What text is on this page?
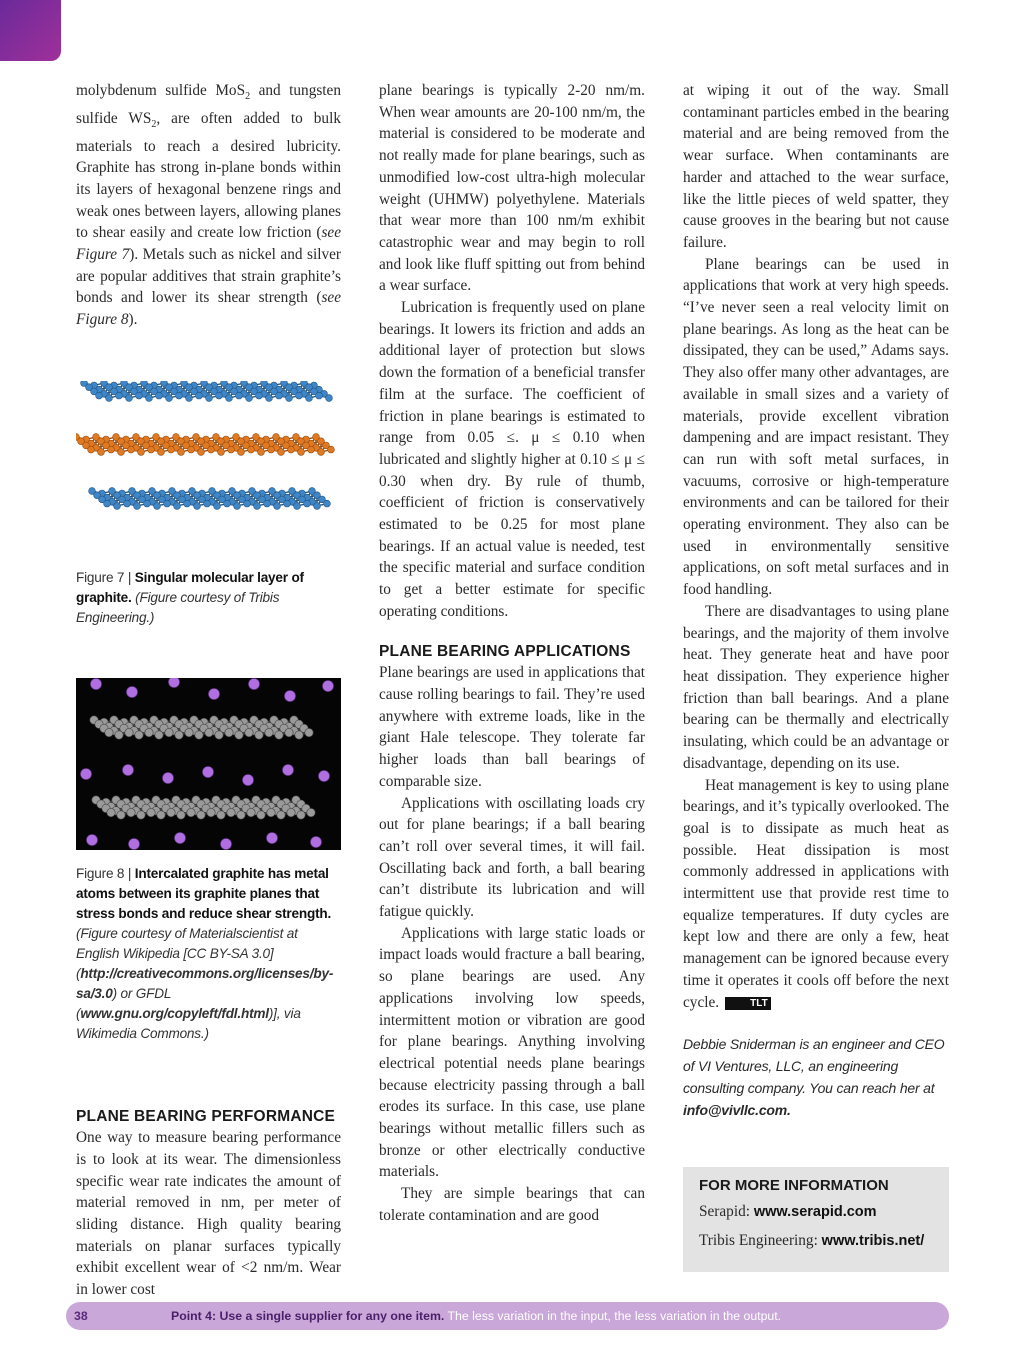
molybdenum sulfide MoS$_2$ and tungsten sulfide $WS_2$, are often added to bulk materials to reach a desired lubricity. Graphite has strong in-plane bonds within its layers of hexagonal benzene rings and weak ones between layers, allowing planes to shear easily and create low friction (see Figure 7). Metals such as nickel and silver are popular additives that strain graphite’s bonds and lower its shear strength (see Figure 8).

Figure 7 | Singular molecular layer of graphite. (Figure courtesy of Tribis Engineering.)

Figure 8 | Intercalated graphite has metal atoms between its graphite planes that stress bonds and reduce shear strength. (Figure courtesy of Materialscientist at English Wikipedia [CC BY-SA 3.0] (http://creativecommons.org/licenses/by-sa/3.0) or GFDL (www.gnu.org/copyleft/fdl.html)], via Wikimedia Commons.)

PLANE BEARING PERFORMANCE

One way to measure bearing performance is to look at its wear. The dimensionless specific wear rate indicates the amount of material removed in nm, per meter of sliding distance. High quality bearing materials on planar surfaces typically exhibit excellent wear of <2 nm/m. Wear in lower cost

plane bearings is typically 2-20 nm/m. When wear amounts are 20-100 nm/m, the material is considered to be moderate and not really made for plane bearings, such as unmodified low-cost ultra-high molecular weight (UHMW) polyethylene. Materials that wear more than 100 nm/m exhibit catastrophic wear and may begin to roll and look like fluff spitting out from behind a wear surface.

Lubrication is frequently used on plane bearings. It lowers its friction and adds an additional layer of protection but slows down the formation of a beneficial transfer film at the surface. The coefficient of friction in plane bearings is estimated to range from 0.05 ≤. μ ≤ 0.10 when lubricated and slightly higher at 0.10 ≤ μ ≤ 0.30 when dry. By rule of thumb, coefficient of friction is conservatively estimated to be 0.25 for most plane bearings. If an actual value is needed, test the specific material and surface condition to get a better estimate for specific operating conditions.

PLANE BEARING APPLICATIONS

Plane bearings are used in applications that cause rolling bearings to fail. They’re used anywhere with extreme loads, like in the giant Hale telescope. They tolerate far higher loads than ball bearings of comparable size.

Applications with oscillating loads cry out for plane bearings; if a ball bearing can’t roll over several times, it will fail. Oscillating back and forth, a ball bearing can’t distribute its lubrication and will fatigue quickly.

Applications with large static loads or impact loads would fracture a ball bearing, so plane bearings are used. Any applications involving low speeds, intermittent motion or vibration are good for plane bearings. Anything involving electrical potential needs plane bearings because electricity passing through a ball erodes its surface. In this case, use plane bearings without metallic fillers such as bronze or other electrically conductive materials.

They are simple bearings that can tolerate contamination and are good

at wiping it out of the way. Small contaminant particles embed in the bearing material and are being removed from the wear surface. When contaminants are harder and attached to the wear surface, like the little pieces of weld spatter, they cause grooves in the bearing but not cause failure.

Plane bearings can be used in applications that work at very high speeds. “I’ve never seen a real velocity limit on plane bearings. As long as the heat can be dissipated, they can be used,” Adams says. They also offer many other advantages, are available in small sizes and a variety of materials, provide excellent vibration dampening and are impact resistant. They can run with soft metal surfaces, in vacuums, corrosive or high-temperature environments and can be tailored for their operating environment. They also can be used in environmentally sensitive applications, on soft metal surfaces and in food handling.

There are disadvantages to using plane bearings, and the majority of them involve heat. They generate heat and have poor heat dissipation. They experience higher friction than ball bearings. And a plane bearing can be thermally and electrically insulating, which could be an advantage or disadvantage, depending on its use.

Heat management is key to using plane bearings, and it’s typically overlooked. The goal is to dissipate as much heat as possible. Heat dissipation is most commonly addressed in applications with intermittent use that provide rest time to equalize temperatures. If duty cycles are kept low and there are only a few, heat management can be ignored because every time it operates it cools off before the next cycle.	TLT

Debbie Sniderman is an engineer and CEO of VI Ventures, LLC, an engineering consulting company. You can reach her at info@vivllc.com.

FOR MORE INFORMATION
Serapid: www.serapid.com
Tribis Engineering: www.tribis.net/
38	Point 4: Use a single supplier for any one item. The less variation in the input, the less variation in the output.
